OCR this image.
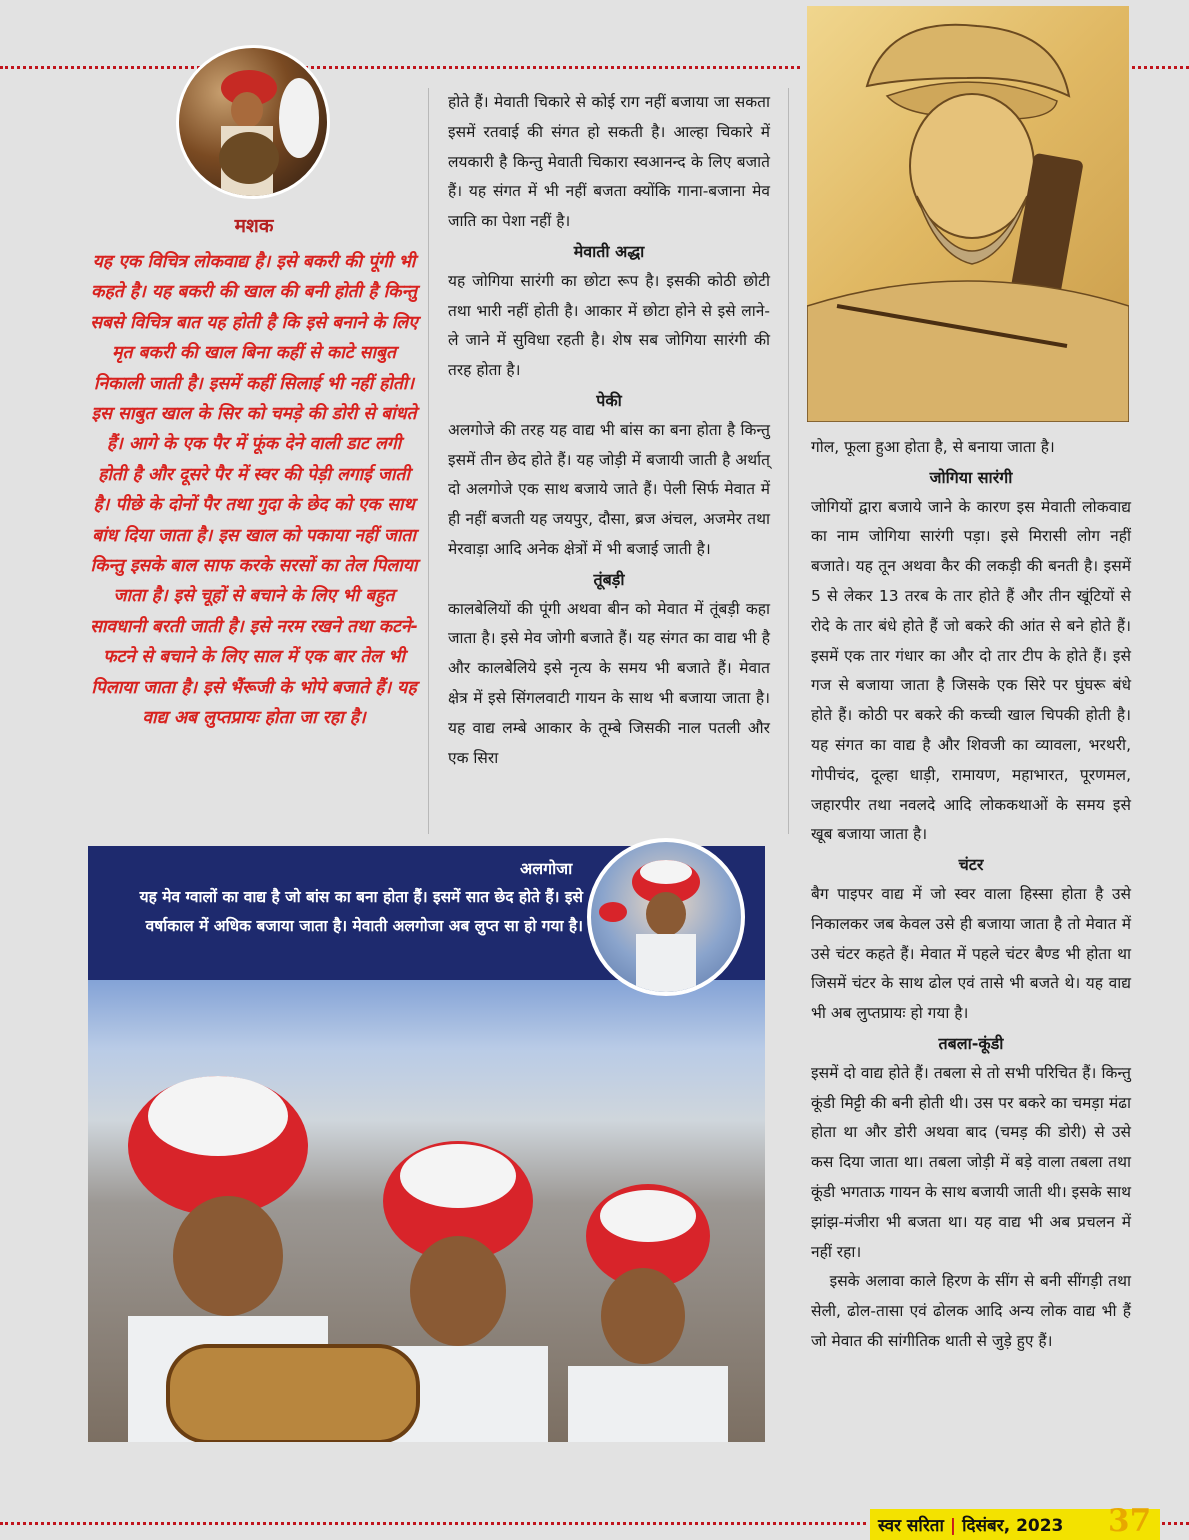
मशक

यह एक विचित्र लोकवाद्य है। इसे बकरी की पूंगी भी कहते है। यह बकरी की खाल की बनी होती है किन्तु सबसे विचित्र बात यह होती है कि इसे बनाने के लिए मृत बकरी की खाल बिना कहीं से काटे साबुत निकाली जाती है। इसमें कहीं सिलाई भी नहीं होती। इस साबुत खाल के सिर को चमड़े की डोरी से बांधते हैं। आगे के एक पैर में फूंक देने वाली डाट लगी होती है और दूसरे पैर में स्वर की पेड़ी लगाई जाती है। पीछे के दोनों पैर तथा गुदा के छेद को एक साथ बांध दिया जाता है। इस खाल को पकाया नहीं जाता किन्तु इसके बाल साफ करके सरसों का तेल पिलाया जाता है। इसे चूहों से बचाने के लिए भी बहुत सावधानी बरती जाती है। इसे नरम रखने तथा कटने-फटने से बचाने के लिए साल में एक बार तेल भी पिलाया जाता है। इसे भैंरूजी के भोपे बजाते हैं। यह वाद्य अब लुप्तप्रायः होता जा रहा है।

होते हैं। मेवाती चिकारे से कोई राग नहीं बजाया जा सकता इसमें रतवाई की संगत हो सकती है। आल्हा चिकारे में लयकारी है किन्तु मेवाती चिकारा स्वआनन्द के लिए बजाते हैं। यह संगत में भी नहीं बजता क्योंकि गाना-बजाना मेव जाति का पेशा नहीं है।

मेवाती अद्धा

यह जोगिया सारंगी का छोटा रूप है। इसकी कोठी छोटी तथा भारी नहीं होती है। आकार में छोटा होने से इसे लाने-ले जाने में सुविधा रहती है। शेष सब जोगिया सारंगी की तरह होता है।

पेकी

अलगोजे की तरह यह वाद्य भी बांस का बना होता है किन्तु इसमें तीन छेद होते हैं। यह जोड़ी में बजायी जाती है अर्थात् दो अलगोजे एक साथ बजाये जाते हैं। पेली सिर्फ मेवात में ही नहीं बजती यह जयपुर, दौसा, ब्रज अंचल, अजमेर तथा मेरवाड़ा आदि अनेक क्षेत्रों में भी बजाई जाती है।

तूंबड़ी

कालबेलियों की पूंगी अथवा बीन को मेवात में तूंबड़ी कहा जाता है। इसे मेव जोगी बजाते हैं। यह संगत का वाद्य भी है और कालबेलिये इसे नृत्य के समय भी बजाते हैं। मेवात क्षेत्र में इसे सिंगलवाटी गायन के साथ भी बजाया जाता है। यह वाद्य लम्बे आकार के तूम्बे जिसकी नाल पतली और एक सिरा

गोल, फूला हुआ होता है, से बनाया जाता है।

जोगिया सारंगी

जोगियों द्वारा बजाये जाने के कारण इस मेवाती लोकवाद्य का नाम जोगिया सारंगी पड़ा। इसे मिरासी लोग नहीं बजाते। यह तून अथवा कैर की लकड़ी की बनती है। इसमें 5 से लेकर 13 तरब के तार होते हैं और तीन खूंटियों से रोदे के तार बंधे होते हैं जो बकरे की आंत से बने होते हैं। इसमें एक तार गंधार का और दो तार टीप के होते हैं। इसे गज से बजाया जाता है जिसके एक सिरे पर घुंघरू बंधे होते हैं। कोठी पर बकरे की कच्ची खाल चिपकी होती है। यह संगत का वाद्य है और शिवजी का व्यावला, भरथरी, गोपीचंद, दूल्हा धाड़ी, रामायण, महाभारत, पूरणमल, जहारपीर तथा नवलदे आदि लोककथाओं के समय इसे खूब बजाया जाता है।

चंटर

बैग पाइपर वाद्य में जो स्वर वाला हिस्सा होता है उसे निकालकर जब केवल उसे ही बजाया जाता है तो मेवात में उसे चंटर कहते हैं। मेवात में पहले चंटर बैण्ड भी होता था जिसमें चंटर के साथ ढोल एवं तासे भी बजते थे। यह वाद्य भी अब लुप्तप्रायः हो गया है।

तबला-कूंडी

इसमें दो वाद्य होते हैं। तबला से तो सभी परिचित हैं। किन्तु कूंडी मिट्टी की बनी होती थी। उस पर बकरे का चमड़ा मंढा होता था और डोरी अथवा बाद (चमड़ की डोरी) से उसे कस दिया जाता था। तबला जोड़ी में बड़े वाला तबला तथा कूंडी भगताऊ गायन के साथ बजायी जाती थी। इसके साथ झांझ-मंजीरा भी बजता था। यह वाद्य भी अब प्रचलन में नहीं रहा।

इसके अलावा काले हिरण के सींग से बनी सींगड़ी तथा सेली, ढोल-तासा एवं ढोलक आदि अन्य लोक वाद्य भी हैं जो मेवात की सांगीतिक थाती से जुड़े हुए हैं।

अलगोजा

यह मेव ग्वालों का वाद्य है जो बांस का बना होता हैं। इसमें सात छेद होते हैं। इसे वर्षाकाल में अधिक बजाया जाता है। मेवाती अलगोजा अब लुप्त सा हो गया है।

स्वर सरिता | दिसंबर, 2023 37
